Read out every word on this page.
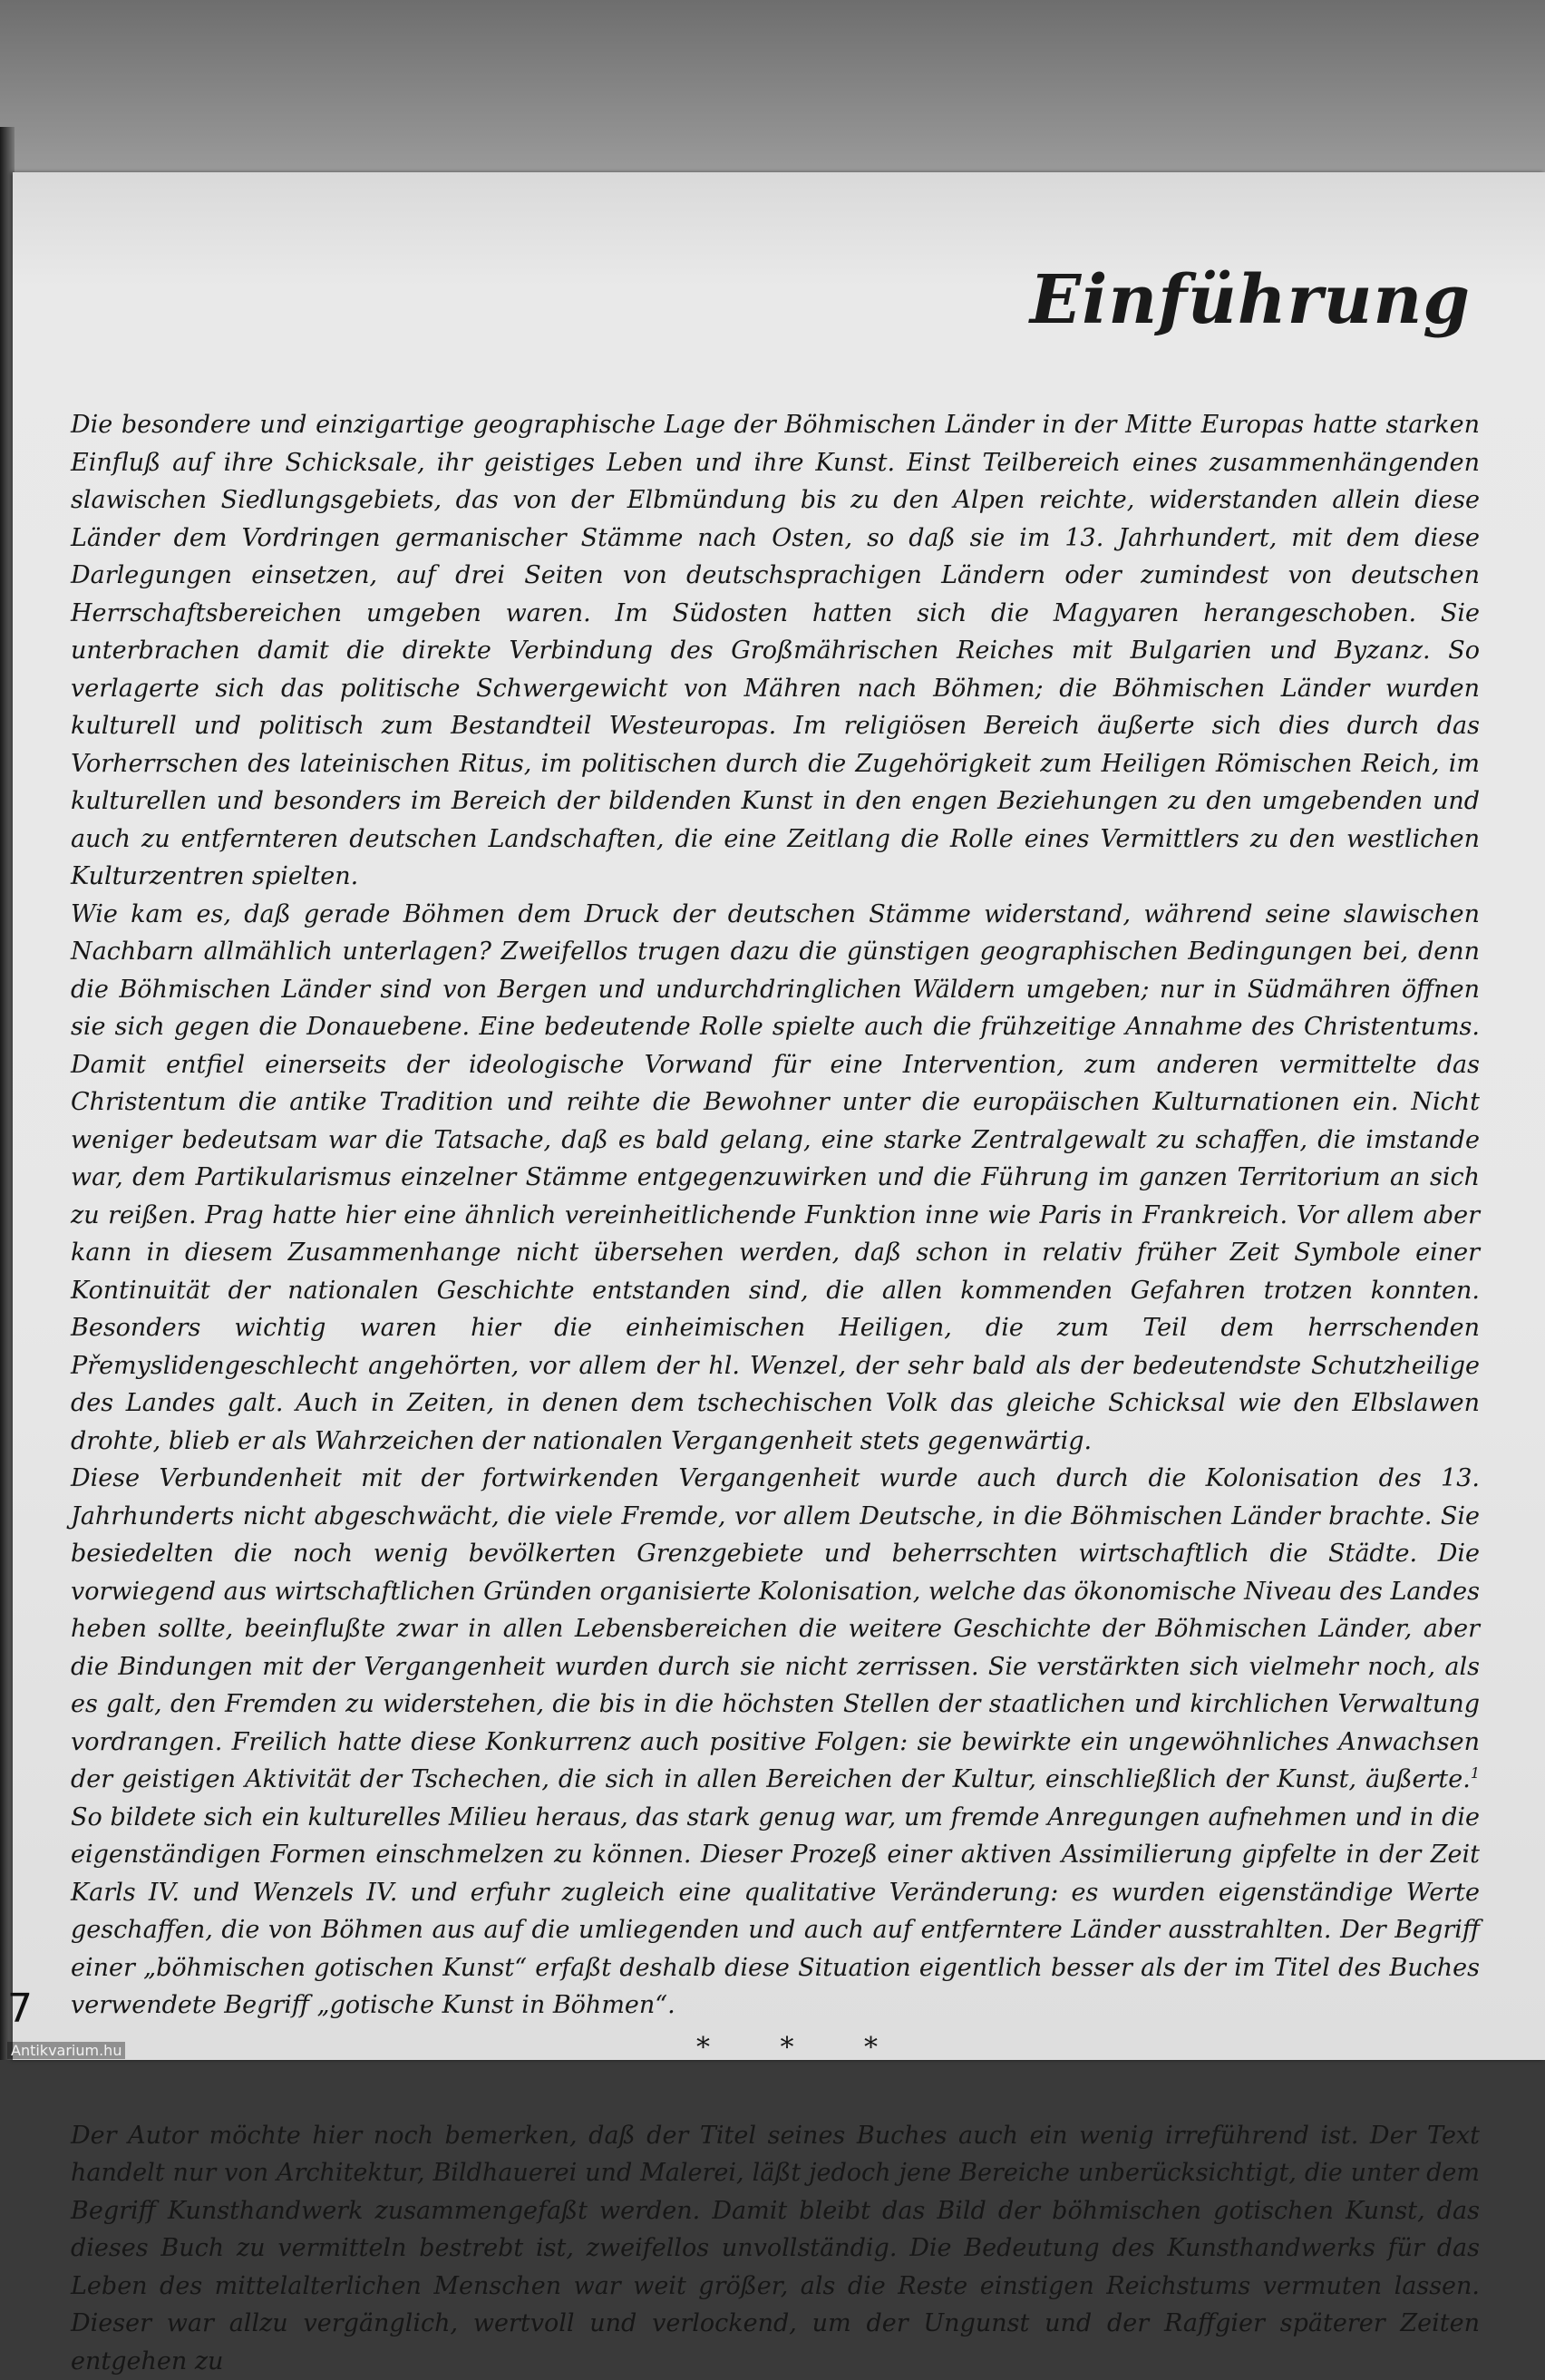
Einführung

Die besondere und einzigartige geographische Lage der Böhmischen Länder in der Mitte Europas hatte starken Einfluß auf ihre Schicksale, ihr geistiges Leben und ihre Kunst. Einst Teilbereich eines zusammenhängenden slawischen Siedlungsgebiets, das von der Elbmündung bis zu den Alpen reichte, widerstanden allein diese Länder dem Vordringen germanischer Stämme nach Osten, so daß sie im 13. Jahrhundert, mit dem diese Darlegungen einsetzen, auf drei Seiten von deutschsprachigen Ländern oder zumindest von deutschen Herrschaftsbereichen umgeben waren. Im Südosten hatten sich die Magyaren herangeschoben. Sie unterbrachen damit die direkte Verbindung des Großmährischen Reiches mit Bulgarien und Byzanz. So verlagerte sich das politische Schwergewicht von Mähren nach Böhmen; die Böhmischen Länder wurden kulturell und politisch zum Bestandteil Westeuropas. Im religiösen Bereich äußerte sich dies durch das Vorherrschen des lateinischen Ritus, im politischen durch die Zugehörigkeit zum Heiligen Römischen Reich, im kulturellen und besonders im Bereich der bildenden Kunst in den engen Beziehungen zu den umgebenden und auch zu entfernteren deutschen Landschaften, die eine Zeitlang die Rolle eines Vermittlers zu den westlichen Kulturzentren spielten.

Wie kam es, daß gerade Böhmen dem Druck der deutschen Stämme widerstand, während seine slawischen Nachbarn allmählich unterlagen? Zweifellos trugen dazu die günstigen geographischen Bedingungen bei, denn die Böhmischen Länder sind von Bergen und undurchdringlichen Wäldern umgeben; nur in Südmähren öffnen sie sich gegen die Donauebene. Eine bedeutende Rolle spielte auch die frühzeitige Annahme des Christentums. Damit entfiel einerseits der ideologische Vorwand für eine Intervention, zum anderen vermittelte das Christentum die antike Tradition und reihte die Bewohner unter die europäischen Kulturnationen ein. Nicht weniger bedeutsam war die Tatsache, daß es bald gelang, eine starke Zentralgewalt zu schaffen, die imstande war, dem Partikularismus einzelner Stämme entgegenzuwirken und die Führung im ganzen Territorium an sich zu reißen. Prag hatte hier eine ähnlich vereinheitlichende Funktion inne wie Paris in Frankreich. Vor allem aber kann in diesem Zusammenhange nicht übersehen werden, daß schon in relativ früher Zeit Symbole einer Kontinuität der nationalen Geschichte entstanden sind, die allen kommenden Gefahren trotzen konnten. Besonders wichtig waren hier die einheimischen Heiligen, die zum Teil dem herrschenden Přemyslidengeschlecht angehörten, vor allem der hl. Wenzel, der sehr bald als der bedeutendste Schutzheilige des Landes galt. Auch in Zeiten, in denen dem tschechischen Volk das gleiche Schicksal wie den Elbslawen drohte, blieb er als Wahrzeichen der nationalen Vergangenheit stets gegenwärtig.

Diese Verbundenheit mit der fortwirkenden Vergangenheit wurde auch durch die Kolonisation des 13. Jahrhunderts nicht abgeschwächt, die viele Fremde, vor allem Deutsche, in die Böhmischen Länder brachte. Sie besiedelten die noch wenig bevölkerten Grenzgebiete und beherrschten wirtschaftlich die Städte. Die vorwiegend aus wirtschaftlichen Gründen organisierte Kolonisation, welche das ökonomische Niveau des Landes heben sollte, beeinflußte zwar in allen Lebensbereichen die weitere Geschichte der Böhmischen Länder, aber die Bindungen mit der Vergangenheit wurden durch sie nicht zerrissen. Sie verstärkten sich vielmehr noch, als es galt, den Fremden zu widerstehen, die bis in die höchsten Stellen der staatlichen und kirchlichen Verwaltung vordrangen. Freilich hatte diese Konkurrenz auch positive Folgen: sie bewirkte ein ungewöhnliches Anwachsen der geistigen Aktivität der Tschechen, die sich in allen Bereichen der Kultur, einschließlich der Kunst, äußerte.$^1$ So bildete sich ein kulturelles Milieu heraus, das stark genug war, um fremde Anregungen aufnehmen und in die eigenständigen Formen einschmelzen zu können. Dieser Prozeß einer aktiven Assimilierung gipfelte in der Zeit Karls IV. und Wenzels IV. und erfuhr zugleich eine qualitative Veränderung: es wurden eigenständige Werte geschaffen, die von Böhmen aus auf die umliegenden und auch auf entferntere Länder ausstrahlten. Der Begriff einer „böhmischen gotischen Kunst“ erfaßt deshalb diese Situation eigentlich besser als der im Titel des Buches verwendete Begriff „gotische Kunst in Böhmen“.

* * *

Der Autor möchte hier noch bemerken, daß der Titel seines Buches auch ein wenig irreführend ist. Der Text handelt nur von Architektur, Bildhauerei und Malerei, läßt jedoch jene Bereiche unberücksichtigt, die unter dem Begriff Kunsthandwerk zusammengefaßt werden. Damit bleibt das Bild der böhmischen gotischen Kunst, das dieses Buch zu vermitteln bestrebt ist, zweifellos unvollständig. Die Bedeutung des Kunsthandwerks für das Leben des mittelalterlichen Menschen war weit größer, als die Reste einstigen Reichstums vermuten lassen. Dieser war allzu vergänglich, wertvoll und verlockend, um der Ungunst und der Raffgier späterer Zeiten entgehen zu

7
Antikvarium.hu
